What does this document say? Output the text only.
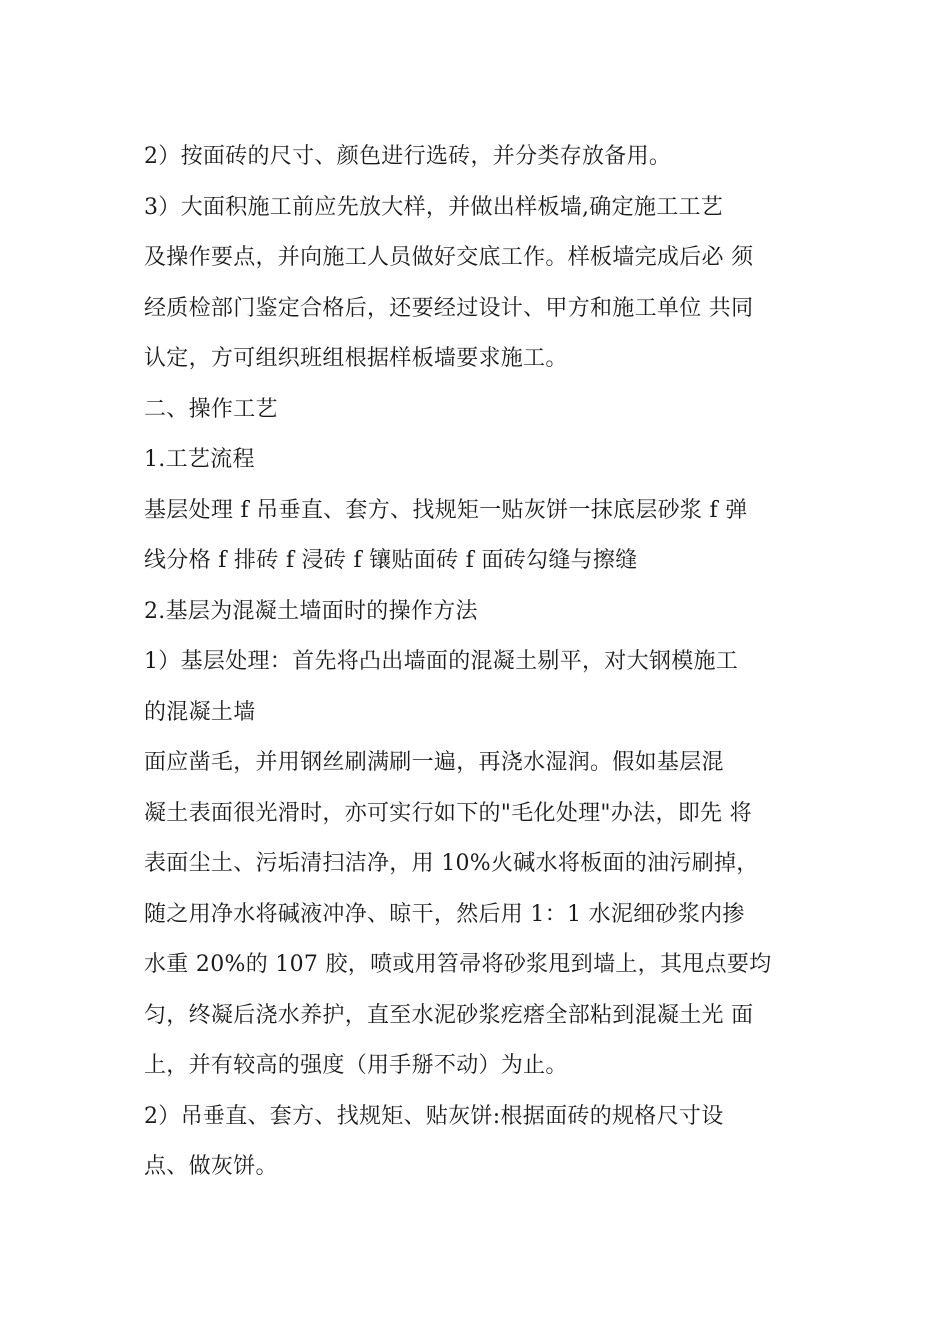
2）按面砖的尺寸、颜色进行选砖，并分类存放备用。
3）大面积施工前应先放大样，并做出样板墙,确定施工工艺
及操作要点，并向施工人员做好交底工作。样板墙完成后必 须
经质检部门鉴定合格后，还要经过设计、甲方和施工单位 共同
认定，方可组织班组根据样板墙要求施工。
二、操作工艺
1.工艺流程
基层处理 f 吊垂直、套方、找规矩一贴灰饼一抹底层砂浆 f 弹
线分格 f 排砖 f 浸砖 f 镶贴面砖 f 面砖勾缝与擦缝
2.基层为混凝土墙面时的操作方法
1）基层处理：首先将凸出墙面的混凝土剔平，对大钢模施工
的混凝土墙
面应凿毛，并用钢丝刷满刷一遍，再浇水湿润。假如基层混
凝土表面很光滑时，亦可实行如下的"毛化处理"办法，即先 将
表面尘土、污垢清扫洁净，用 10%火碱水将板面的油污刷掉，
随之用净水将碱液冲净、晾干，然后用 1：1 水泥细砂浆内掺
水重 20%的 107 胶，喷或用笤帚将砂浆甩到墙上，其甩点要均
匀，终凝后浇水养护，直至水泥砂浆疙瘩全部粘到混凝土光 面
上，并有较高的强度（用手掰不动）为止。
2）吊垂直、套方、找规矩、贴灰饼:根据面砖的规格尺寸设
点、做灰饼。
